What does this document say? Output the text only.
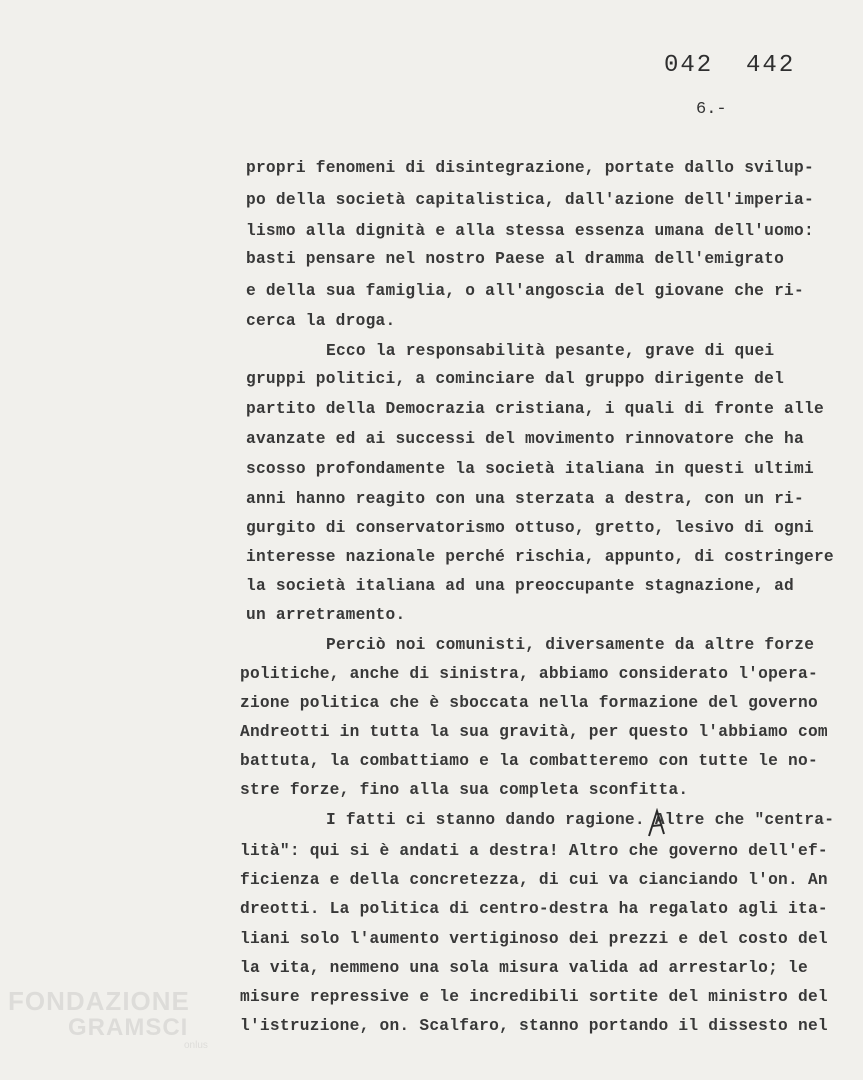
042  442
6.-
propri fenomeni di disintegrazione, portate dallo svilup-
po della società capitalistica, dall'azione dell'imperia-
lismo alla dignità e alla stessa essenza umana dell'uomo:
basti pensare nel nostro Paese al dramma dell'emigrato
e della sua famiglia, o all'angoscia del giovane che ri-
cerca la droga.
Ecco la responsabilità pesante, grave di quei
gruppi politici, a cominciare dal gruppo dirigente del
partito della Democrazia cristiana, i quali di fronte alle
avanzate ed ai successi del movimento rinnovatore che ha
scosso profondamente la società italiana in questi ultimi
anni hanno reagito con una sterzata a destra, con un ri-
gurgito di conservatorismo ottuso, gretto, lesivo di ogni
interesse nazionale perché rischia, appunto, di costringere
la società italiana ad una preoccupante stagnazione, ad
un arretramento.
Perciò noi comunisti, diversamente da altre forze
politiche, anche di sinistra, abbiamo considerato l'opera-
zione politica che è sboccata nella formazione del governo
Andreotti in tutta la sua gravità, per questo l'abbiamo com
battuta, la combattiamo e la combatteremo con tutte le no-
stre forze, fino alla sua completa sconfitta.
I fatti ci stanno dando ragione. Altre che "centra-
lità": qui si è andati a destra! Altro che governo dell'ef-
ficienza e della concretezza, di cui va cianciando l'on. An
dreotti. La politica di centro-destra ha regalato agli ita-
liani solo l'aumento vertiginoso dei prezzi e del costo del
la vita, nemmeno una sola misura valida ad arrestarlo; le
misure repressive e le incredibili sortite del ministro del
l'istruzione, on. Scalfaro, stanno portando il dissesto nel
FONDAZIONE
GRAMSCI
onlus
